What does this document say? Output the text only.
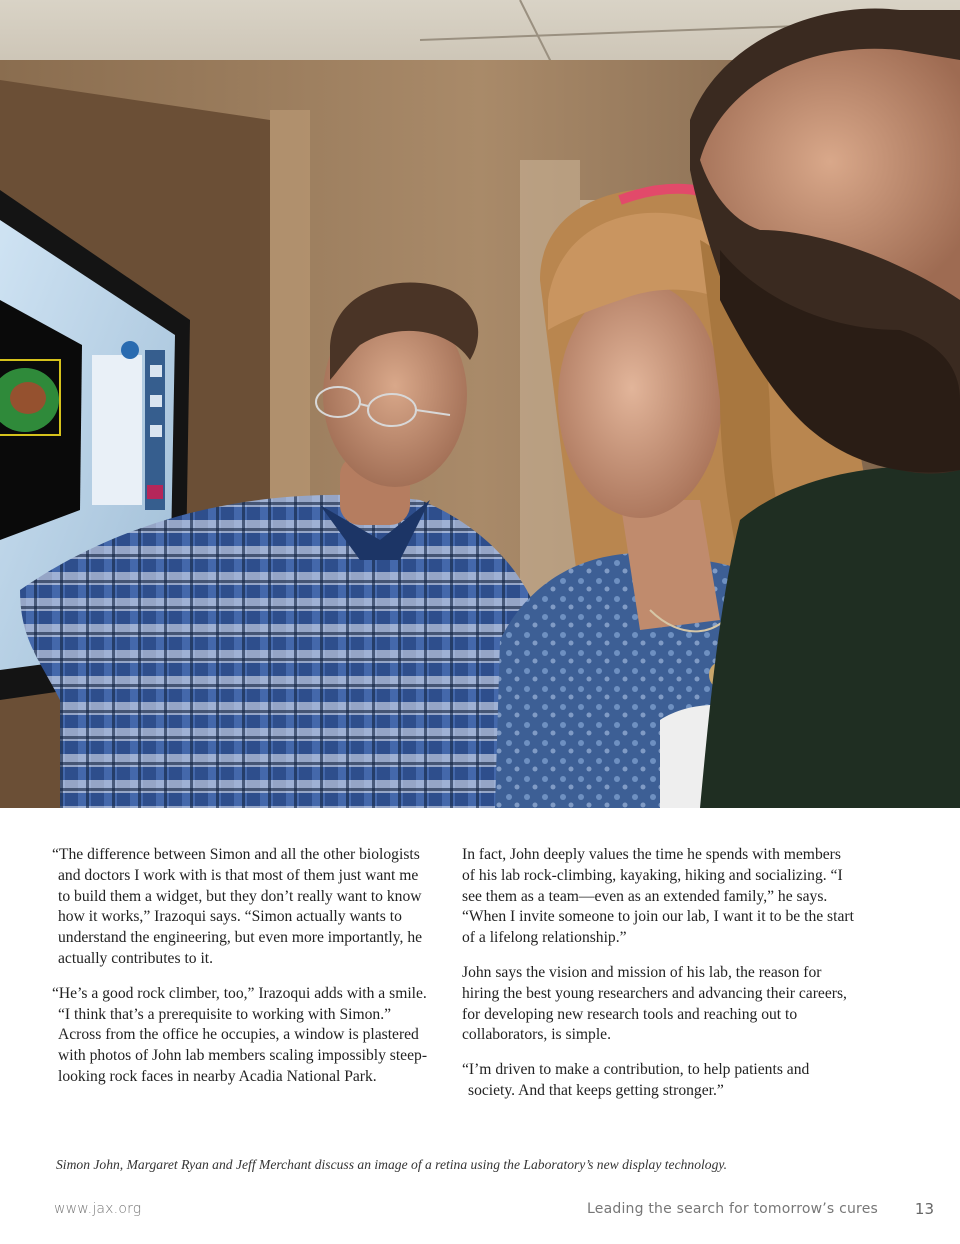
“The difference between Simon and all the other biologists and doctors I work with is that most of them just want me to build them a widget, but they don’t really want to know how it works,” Irazoqui says. “Simon actually wants to understand the engineering, but even more importantly, he actually contributes to it.

“He’s a good rock climber, too,” Irazoqui adds with a smile. “I think that’s a prerequisite to working with Simon.” Across from the office he occupies, a window is plastered with photos of John lab members scaling impossibly steep-looking rock faces in nearby Acadia National Park.

In fact, John deeply values the time he spends with members of his lab rock-climbing, kayaking, hiking and socializing. “I see them as a team—even as an extended family,” he says. “When I invite someone to join our lab, I want it to be the start of a lifelong relationship.”

John says the vision and mission of his lab, the reason for hiring the best young researchers and advancing their careers, for developing new research tools and reaching out to collaborators, is simple.

“I’m driven to make a contribution, to help patients and society. And that keeps getting stronger.”

Simon John, Margaret Ryan and Jeff Merchant discuss an image of a retina using the Laboratory’s new display technology.
www.jax.org	Leading the search for tomorrow’s cures 13
